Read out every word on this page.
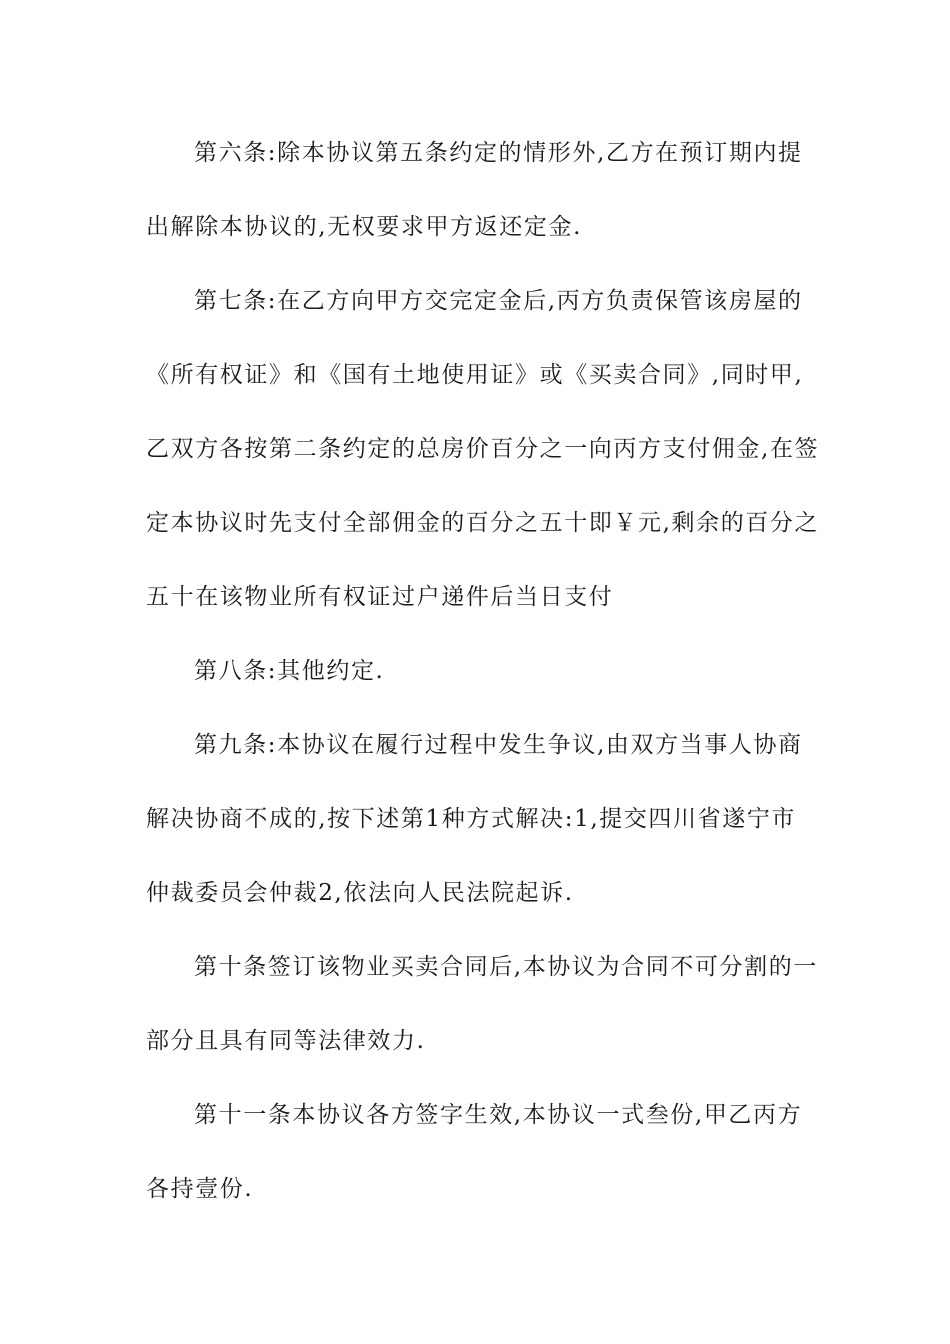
第六条:除本协议第五条约定的情形外,乙方在预订期内提
出解除本协议的,无权要求甲方返还定金.
第七条:在乙方向甲方交完定金后,丙方负责保管该房屋的
《所有权证》和《国有土地使用证》或《买卖合同》,同时甲,
乙双方各按第二条约定的总房价百分之一向丙方支付佣金,在签
定本协议时先支付全部佣金的百分之五十即￥元,剩余的百分之
五十在该物业所有权证过户递件后当日支付
第八条:其他约定.
第九条:本协议在履行过程中发生争议,由双方当事人协商
解决协商不成的,按下述第1种方式解决:1,提交四川省遂宁市
仲裁委员会仲裁2,依法向人民法院起诉.
第十条签订该物业买卖合同后,本协议为合同不可分割的一
部分且具有同等法律效力.
第十一条本协议各方签字生效,本协议一式叁份,甲乙丙方
各持壹份.
